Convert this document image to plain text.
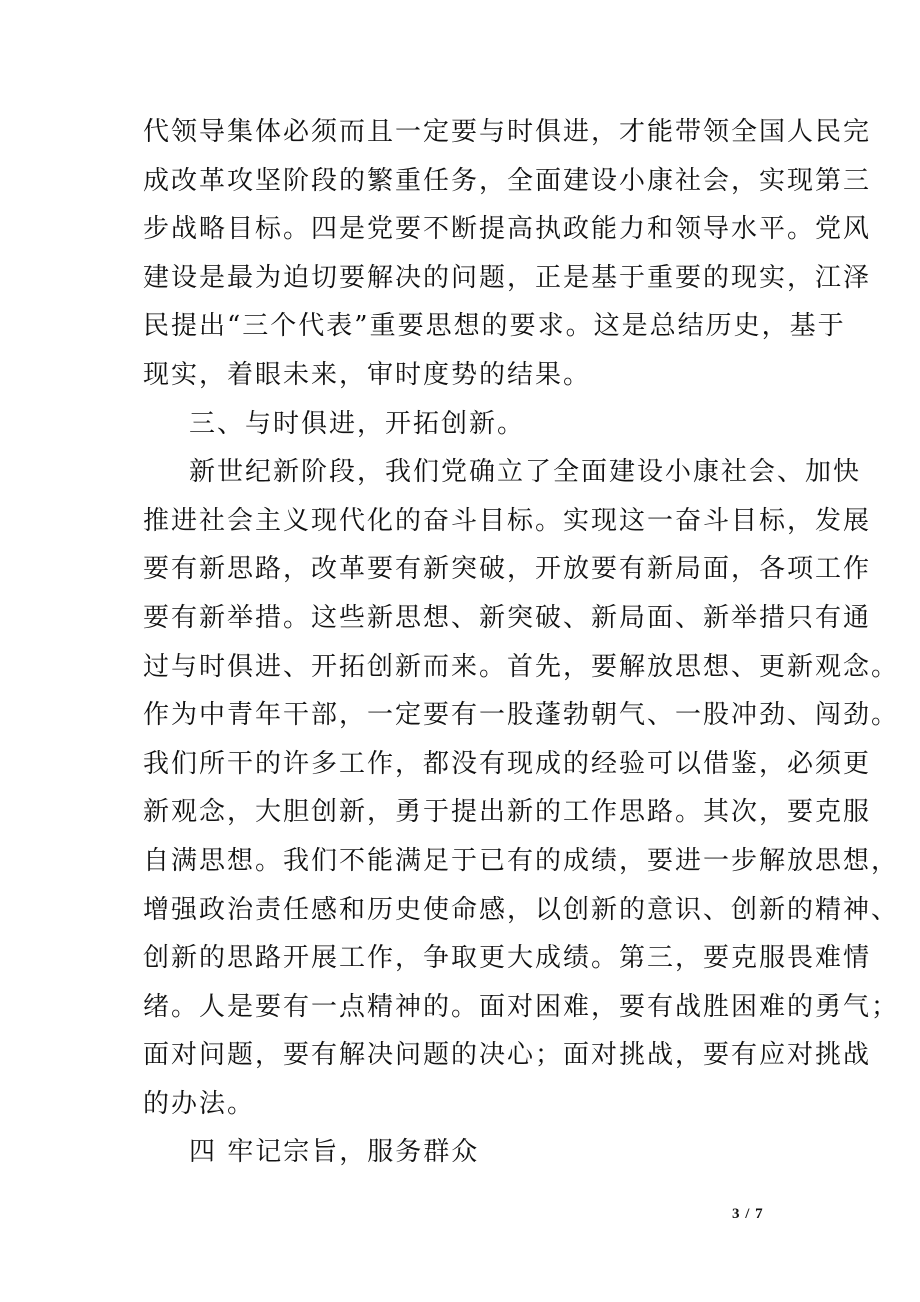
代领导集体必须而且一定要与时俱进，才能带领全国人民完
成改革攻坚阶段的繁重任务，全面建设小康社会，实现第三
步战略目标。四是党要不断提高执政能力和领导水平。党风
建设是最为迫切要解决的问题，正是基于重要的现实，江泽
民提出“三个代表”重要思想的要求。这是总结历史，基于
现实，着眼未来，审时度势的结果。
三、与时俱进，开拓创新。
新世纪新阶段，我们党确立了全面建设小康社会、加快
推进社会主义现代化的奋斗目标。实现这一奋斗目标，发展
要有新思路，改革要有新突破，开放要有新局面，各项工作
要有新举措。这些新思想、新突破、新局面、新举措只有通
过与时俱进、开拓创新而来。首先，要解放思想、更新观念。
作为中青年干部，一定要有一股蓬勃朝气、一股冲劲、闯劲。
我们所干的许多工作，都没有现成的经验可以借鉴，必须更
新观念，大胆创新，勇于提出新的工作思路。其次，要克服
自满思想。我们不能满足于已有的成绩，要进一步解放思想，
增强政治责任感和历史使命感，以创新的意识、创新的精神、
创新的思路开展工作，争取更大成绩。第三，要克服畏难情
绪。人是要有一点精神的。面对困难，要有战胜困难的勇气；
面对问题，要有解决问题的决心；面对挑战，要有应对挑战
的办法。
四 牢记宗旨，服务群众
3 / 7
